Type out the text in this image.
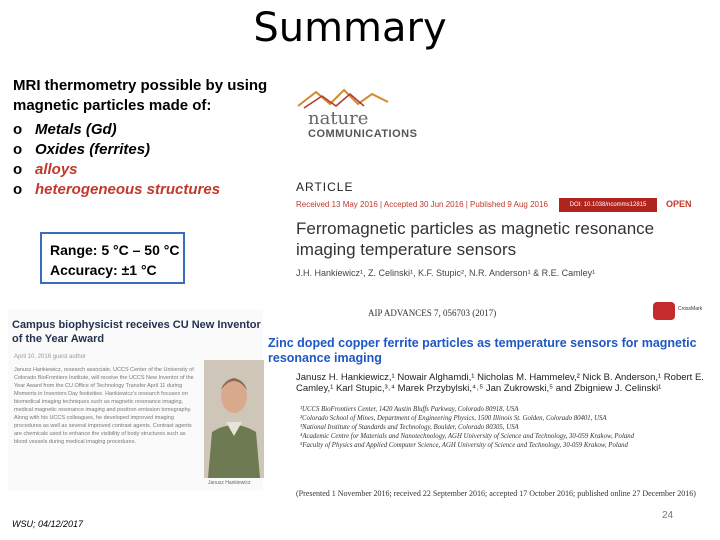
Summary
MRI thermometry possible by using magnetic particles made of:
o Metals (Gd)
o Oxides (ferrites)
o alloys
o heterogeneous structures
Range: 5 °C – 50 °C
Accuracy: ±1 °C
nature
COMMUNICATIONS
ARTICLE
Received 13 May 2016 | Accepted 30 Jun 2016 | Published 9 Aug 2016	DOI: 10.1038/ncomms12815	OPEN
Ferromagnetic particles as magnetic resonance imaging temperature sensors
J.H. Hankiewicz¹, Z. Celinski¹, K.F. Stupic², N.R. Anderson¹ & R.E. Camley¹
Campus biophysicist receives CU New Inventor of the Year Award
April 10, 2016 guest author
Janusz Hankiewicz, research associate, UCCS Center of the University of Colorado BioFrontiers Institute, will receive the UCCS New Inventor of the Year Award from the CU Office of Technology Transfer April 11 during Moments in Inventors Day festivities. Hankiewicz's research focuses on biomedical imaging techniques such as magnetic resonance imaging, medical magnetic resonance imaging and positron emission tomography. Along with his UCCS colleagues, he developed improved imaging procedures as well as several improved contrast agents. Contrast agents are chemicals used to enhance the visibility of body structures such as blood vessels during medical imaging procedures.
Janusz Hankiewicz
AIP ADVANCES 7, 056703 (2017)	CrossMark
Zinc doped copper ferrite particles as temperature sensors for magnetic resonance imaging
Janusz H. Hankiewicz,¹ Nowair Alghamdi,¹ Nicholas M. Hammelev,² Nick B. Anderson,¹ Robert E. Camley,¹ Karl Stupic,³˒⁴ Marek Przybylski,⁴˒⁵ Jan Zukrowski,⁵ and Zbigniew J. Celinski¹
¹UCCS BioFrontiers Center, 1420 Austin Bluffs Parkway, Colorado 80918, USA
²Colorado School of Mines, Department of Engineering Physics, 1500 Illinois St. Golden, Colorado 80401, USA
³National Institute of Standards and Technology, Boulder, Colorado 80305, USA
⁴Academic Centre for Materials and Nanotechnology, AGH University of Science and Technology, 30-059 Krakow, Poland
⁵Faculty of Physics and Applied Computer Science, AGH University of Science and Technology, 30-059 Krakow, Poland
(Presented 1 November 2016; received 22 September 2016; accepted 17 October 2016; published online 27 December 2016)
WSU; 04/12/2017
24
